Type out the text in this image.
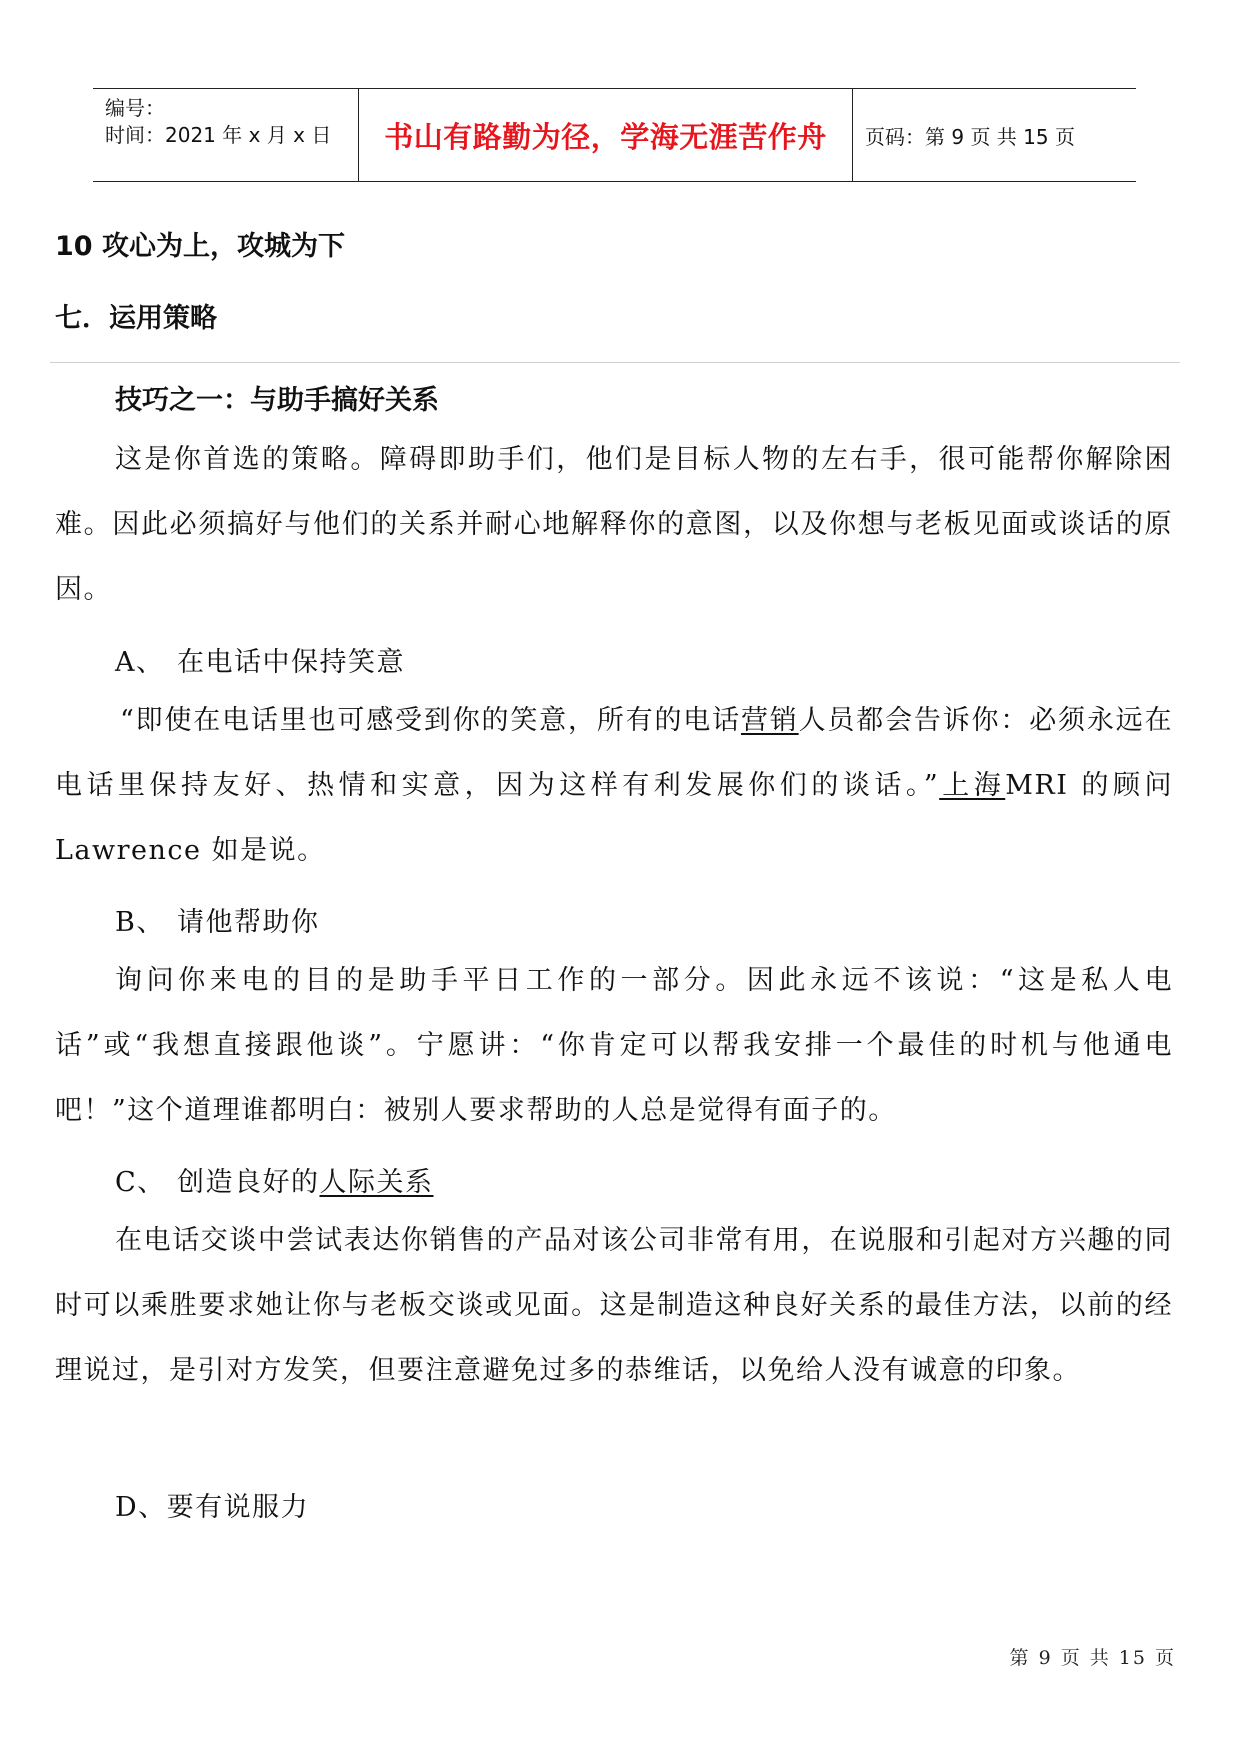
编号：
时间：2021 年 x 月 x 日	书山有路勤为径，学海无涯苦作舟	页码：第 9 页 共 15 页
10 攻心为上，攻城为下
七．运用策略
技巧之一：与助手搞好关系

这是你首选的策略。障碍即助手们，他们是目标人物的左右手，很可能帮你解除困难。因此必须搞好与他们的关系并耐心地解释你的意图，以及你想与老板见面或谈话的原因。

A、 在电话中保持笑意

“即使在电话里也可感受到你的笑意，所有的电话营销人员都会告诉你：必须永远在电话里保持友好、热情和实意，因为这样有利发展你们的谈话。”上海MRI 的顾问 Lawrence 如是说。

B、 请他帮助你

询问你来电的目的是助手平日工作的一部分。因此永远不该说：“这是私人电话”或“我想直接跟他谈”。宁愿讲：“你肯定可以帮我安排一个最佳的时机与他通电吧！”这个道理谁都明白：被别人要求帮助的人总是觉得有面子的。

C、 创造良好的人际关系

在电话交谈中尝试表达你销售的产品对该公司非常有用，在说服和引起对方兴趣的同时可以乘胜要求她让你与老板交谈或见面。这是制造这种良好关系的最佳方法，以前的经理说过，是引对方发笑，但要注意避免过多的恭维话，以免给人没有诚意的印象。

D、要有说服力

第 9 页 共 15 页
